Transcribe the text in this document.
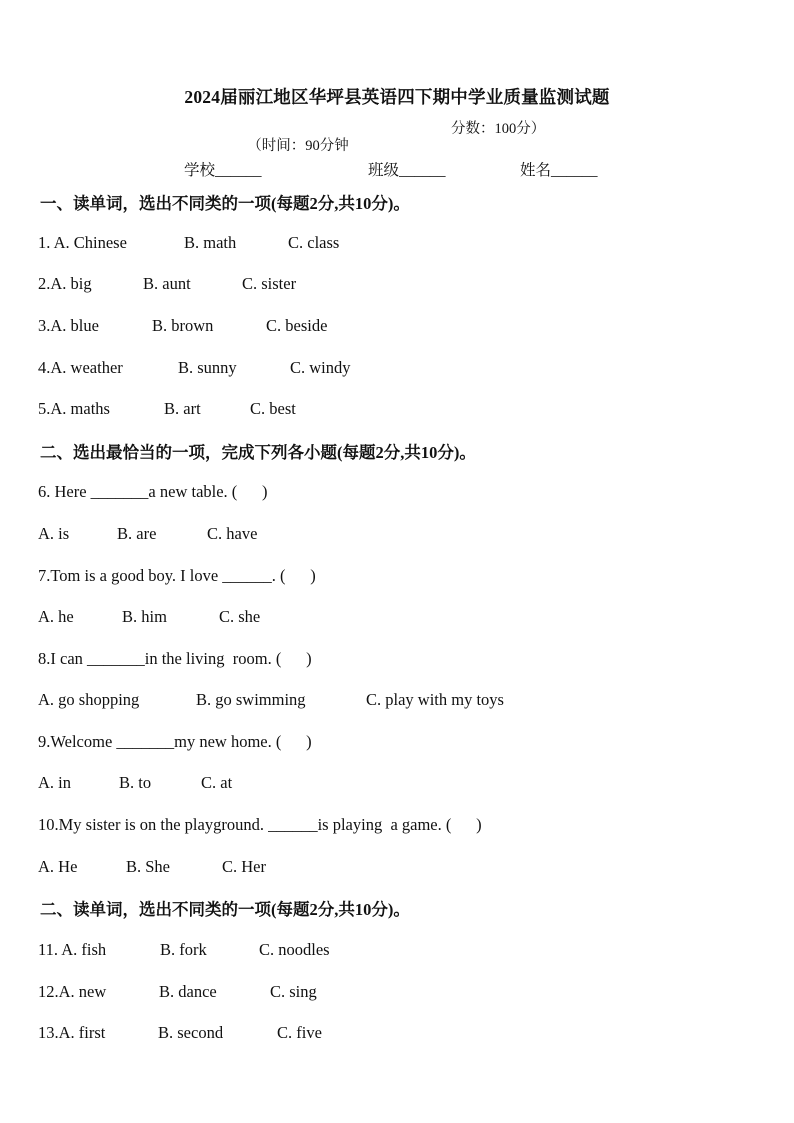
2024届丽江地区华坪县英语四下期中学业质量监测试题

（时间：90分钟

分数：100分）

学校______	班级______	姓名______
一、读单词，选出不同类的一项(每题2分,共10分)。
1. A. Chinese	B. math	C. class
2.A. big	B. aunt	C. sister
3.A. blue	B. brown	C. beside
4.A. weather	B. sunny	C. windy
5.A. maths	B. art	C. best
二、选出最恰当的一项，完成下列各小题(每题2分,共10分)。
6. Here _______a new table. (      )
A. is	B. are	C. have
7.Tom is a good boy. I love ______. (      )
A. he	B. him	C. she
8.I can _______in the living  room. (      )
A. go shopping	B. go swimming	C. play with my toys
9.Welcome _______my new home. (      )
A. in	B. to	C. at
10.My sister is on the playground. ______is playing  a game. (      )
A. He	B. She	C. Her
二、读单词，选出不同类的一项(每题2分,共10分)。
11. A. fish	B. fork	C. noodles
12.A. new	B. dance	C. sing
13.A. first	B. second	C. five
